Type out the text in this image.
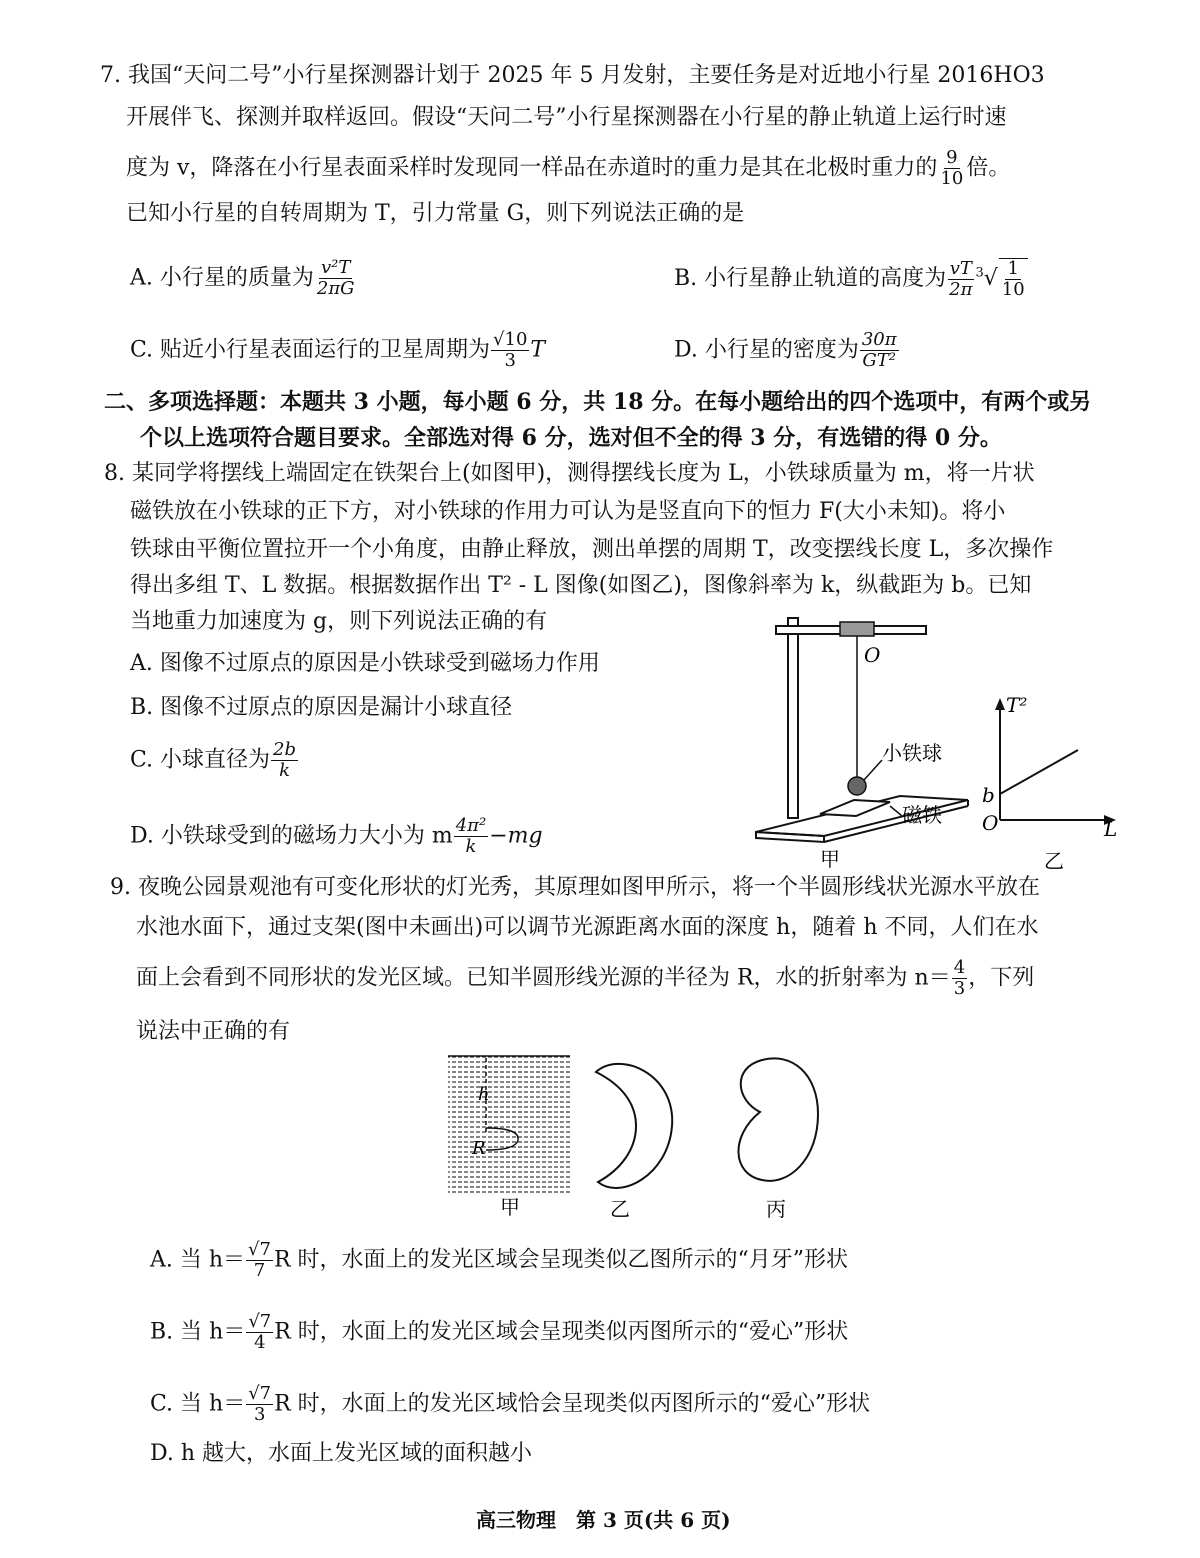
7. 我国“天问二号”小行星探测器计划于 2025 年 5 月发射，主要任务是对近地小行星 2016HO3
开展伴飞、探测并取样返回。假设“天问二号”小行星探测器在小行星的静止轨道上运行时速
度为 v，降落在小行星表面采样时发现同一样品在赤道时的重力是其在北极时重力的 $\frac{9}{10}$ 倍。
已知小行星的自转周期为 T，引力常量 G，则下列说法正确的是
A. 小行星的质量为 $\frac{\text{v²T}}{2\pi G}$	B. 小行星静止轨道的高度为 $\frac{vT}{2\pi} ^3√ \frac{1}{10}$
C. 贴近小行星表面运行的卫星周期为 $\frac{√10}{3}$ T	D. 小行星的密度为 $\frac{30\pi}{\text{GT²}}$
二、多项选择题：本题共 3 小题，每小题 6 分，共 18 分。在每小题给出的四个选项中，有两个或另
个以上选项符合题目要求。全部选对得 6 分，选对但不全的得 3 分，有选错的得 0 分。
8. 某同学将摆线上端固定在铁架台上(如图甲)，测得摆线长度为 L，小铁球质量为 m，将一片状
磁铁放在小铁球的正下方，对小铁球的作用力可认为是竖直向下的恒力 F(大小未知)。将小
铁球由平衡位置拉开一个小角度，由静止释放，测出单摆的周期 T，改变摆线长度 L，多次操作
得出多组 T、L 数据。根据数据作出 T² - L 图像(如图乙)，图像斜率为 k，纵截距为 b。已知
当地重力加速度为 g，则下列说法正确的有
A. 图像不过原点的原因是小铁球受到磁场力作用
B. 图像不过原点的原因是漏计小球直径
C. 小球直径为 $\frac{2b}{k}$
D. 小铁球受到的磁场力大小为 m $\frac{\text{4π²}}{k} -mg$
O
小铁球
磁铁
甲
T²
b
O	L
乙
9. 夜晚公园景观池有可变化形状的灯光秀，其原理如图甲所示，将一个半圆形线状光源水平放在
水池水面下，通过支架(图中未画出)可以调节光源距离水面的深度 h，随着 h 不同，人们在水
面上会看到不同形状的发光区域。已知半圆形线光源的半径为 R，水的折射率为 $n= \frac{4}{3}$ ，下列
说法中正确的有
h
R
甲	乙	丙
A. 当 $h= \frac{√7}{7}$ R 时，水面上的发光区域会呈现类似乙图所示的“月牙”形状
B. 当 $h= \frac{√7}{4}$ R 时，水面上的发光区域会呈现类似丙图所示的“爱心”形状
C. 当 $h= \frac{√7}{3}$ R 时，水面上的发光区域恰会呈现类似丙图所示的“爱心”形状
D. h 越大，水面上发光区域的面积越小
高三物理　第 3 页(共 6 页)
